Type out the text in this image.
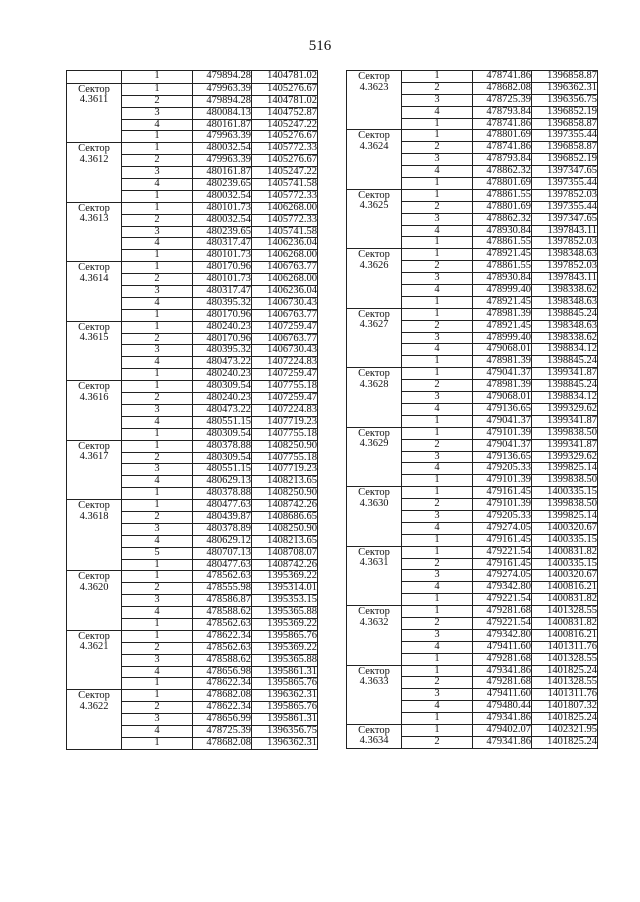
516
	1	479894.28	1404781.02
Сектор 4.3611	1	479963.39	1405276.67
	2	479894.28	1404781.02
	3	480084.13	1404752.87
	4	480161.87	1405247.22
	1	479963.39	1405276.67
Сектор 4.3612	1	480032.54	1405772.33
	2	479963.39	1405276.67
	3	480161.87	1405247.22
	4	480239.65	1405741.58
	1	480032.54	1405772.33
Сектор 4.3613	1	480101.73	1406268.00
	2	480032.54	1405772.33
	3	480239.65	1405741.58
	4	480317.47	1406236.04
	1	480101.73	1406268.00
Сектор 4.3614	1	480170.96	1406763.77
	2	480101.73	1406268.00
	3	480317.47	1406236.04
	4	480395.32	1406730.43
	1	480170.96	1406763.77
Сектор 4.3615	1	480240.23	1407259.47
	2	480170.96	1406763.77
	3	480395.32	1406730.43
	4	480473.22	1407224.83
	1	480240.23	1407259.47
Сектор 4.3616	1	480309.54	1407755.18
	2	480240.23	1407259.47
	3	480473.22	1407224.83
	4	480551.15	1407719.23
	1	480309.54	1407755.18
Сектор 4.3617	1	480378.88	1408250.90
	2	480309.54	1407755.18
	3	480551.15	1407719.23
	4	480629.13	1408213.65
	1	480378.88	1408250.90
Сектор 4.3618	1	480477.63	1408742.26
	2	480439.87	1408686.65
	3	480378.89	1408250.90
	4	480629.12	1408213.65
	5	480707.13	1408708.07
	1	480477.63	1408742.26
Сектор 4.3620	1	478562.63	1395369.22
	2	478555.98	1395314.01
	3	478586.87	1395353.15
	4	478588.62	1395365.88
	1	478562.63	1395369.22
Сектор 4.3621	1	478622.34	1395865.76
	2	478562.63	1395369.22
	3	478588.62	1395365.88
	4	478656.98	1395861.31
	1	478622.34	1395865.76
Сектор 4.3622	1	478682.08	1396362.31
	2	478622.34	1395865.76
	3	478656.99	1395861.31
	4	478725.39	1396356.75
	1	478682.08	1396362.31
Сектор 4.3623	1	478741.86	1396858.87
	2	478682.08	1396362.31
	3	478725.39	1396356.75
	4	478793.84	1396852.19
	1	478741.86	1396858.87
Сектор 4.3624	1	478801.69	1397355.44
	2	478741.86	1396858.87
	3	478793.84	1396852.19
	4	478862.32	1397347.65
	1	478801.69	1397355.44
Сектор 4.3625	1	478861.55	1397852.03
	2	478801.69	1397355.44
	3	478862.32	1397347.65
	4	478930.84	1397843.11
	1	478861.55	1397852.03
Сектор 4.3626	1	478921.45	1398348.63
	2	478861.55	1397852.03
	3	478930.84	1397843.11
	4	478999.40	1398338.62
	1	478921.45	1398348.63
Сектор 4.3627	1	478981.39	1398845.24
	2	478921.45	1398348.63
	3	478999.40	1398338.62
	4	479068.01	1398834.12
	1	478981.39	1398845.24
Сектор 4.3628	1	479041.37	1399341.87
	2	478981.39	1398845.24
	3	479068.01	1398834.12
	4	479136.65	1399329.62
	1	479041.37	1399341.87
Сектор 4.3629	1	479101.39	1399838.50
	2	479041.37	1399341.87
	3	479136.65	1399329.62
	4	479205.33	1399825.14
	1	479101.39	1399838.50
Сектор 4.3630	1	479161.45	1400335.15
	2	479101.39	1399838.50
	3	479205.33	1399825.14
	4	479274.05	1400320.67
	1	479161.45	1400335.15
Сектор 4.3631	1	479221.54	1400831.82
	2	479161.45	1400335.15
	3	479274.05	1400320.67
	4	479342.80	1400816.21
	1	479221.54	1400831.82
Сектор 4.3632	1	479281.68	1401328.55
	2	479221.54	1400831.82
	3	479342.80	1400816.21
	4	479411.60	1401311.76
	1	479281.68	1401328.55
Сектор 4.3633	1	479341.86	1401825.24
	2	479281.68	1401328.55
	3	479411.60	1401311.76
	4	479480.44	1401807.32
	1	479341.86	1401825.24
Сектор 4.3634	1	479402.07	1402321.95
	2	479341.86	1401825.24
